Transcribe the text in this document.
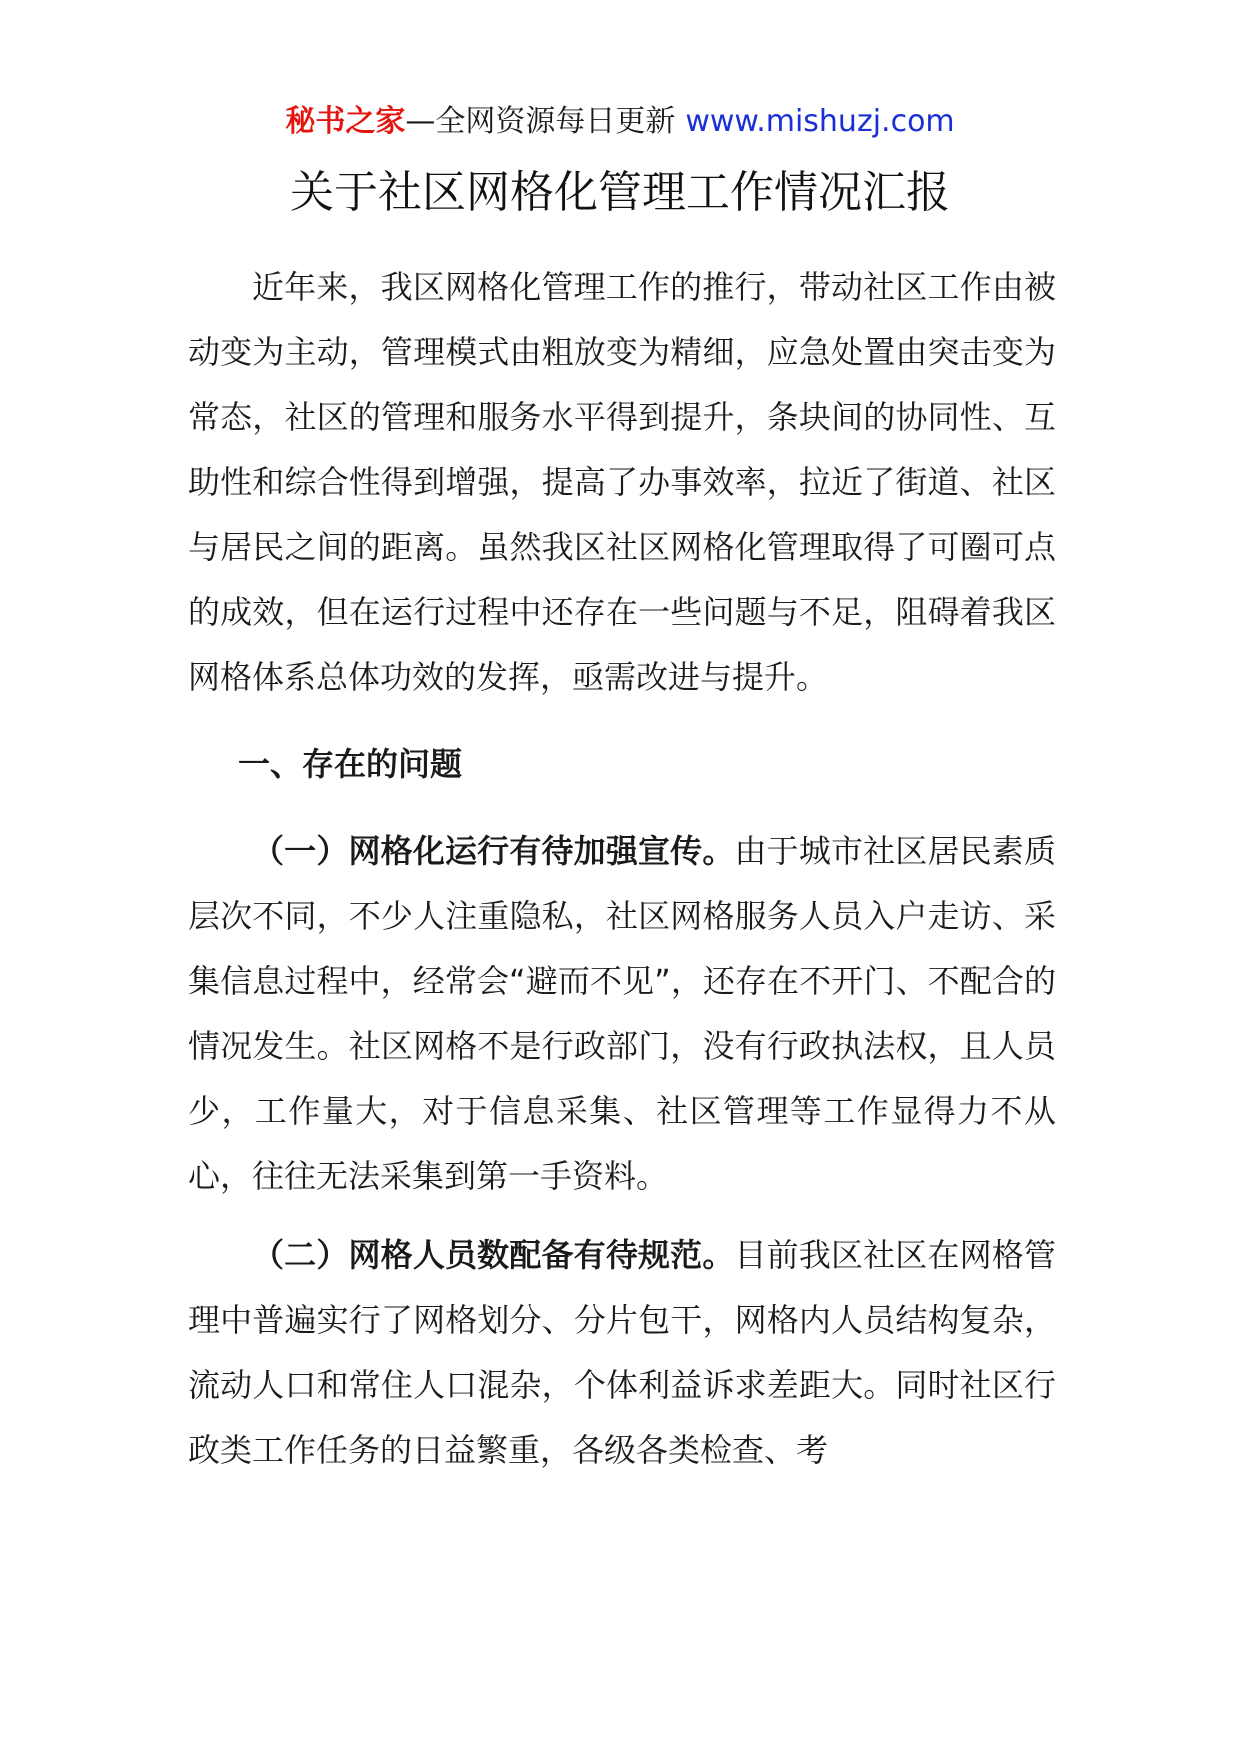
秘书之家—全网资源每日更新 www.mishuzj.com
关于社区网格化管理工作情况汇报

近年来，我区网格化管理工作的推行，带动社区工作由被动变为主动，管理模式由粗放变为精细，应急处置由突击变为常态，社区的管理和服务水平得到提升，条块间的协同性、互助性和综合性得到增强，提高了办事效率，拉近了街道、社区与居民之间的距离。虽然我区社区网格化管理取得了可圈可点的成效，但在运行过程中还存在一些问题与不足，阻碍着我区网格体系总体功效的发挥，亟需改进与提升。

一、存在的问题

（一）网格化运行有待加强宣传。由于城市社区居民素质层次不同，不少人注重隐私，社区网格服务人员入户走访、采集信息过程中，经常会“避而不见”，还存在不开门、不配合的情况发生。社区网格不是行政部门，没有行政执法权，且人员少，工作量大，对于信息采集、社区管理等工作显得力不从心，往往无法采集到第一手资料。

（二）网格人员数配备有待规范。目前我区社区在网格管理中普遍实行了网格划分、分片包干，网格内人员结构复杂，流动人口和常住人口混杂，个体利益诉求差距大。同时社区行政类工作任务的日益繁重，各级各类检查、考
